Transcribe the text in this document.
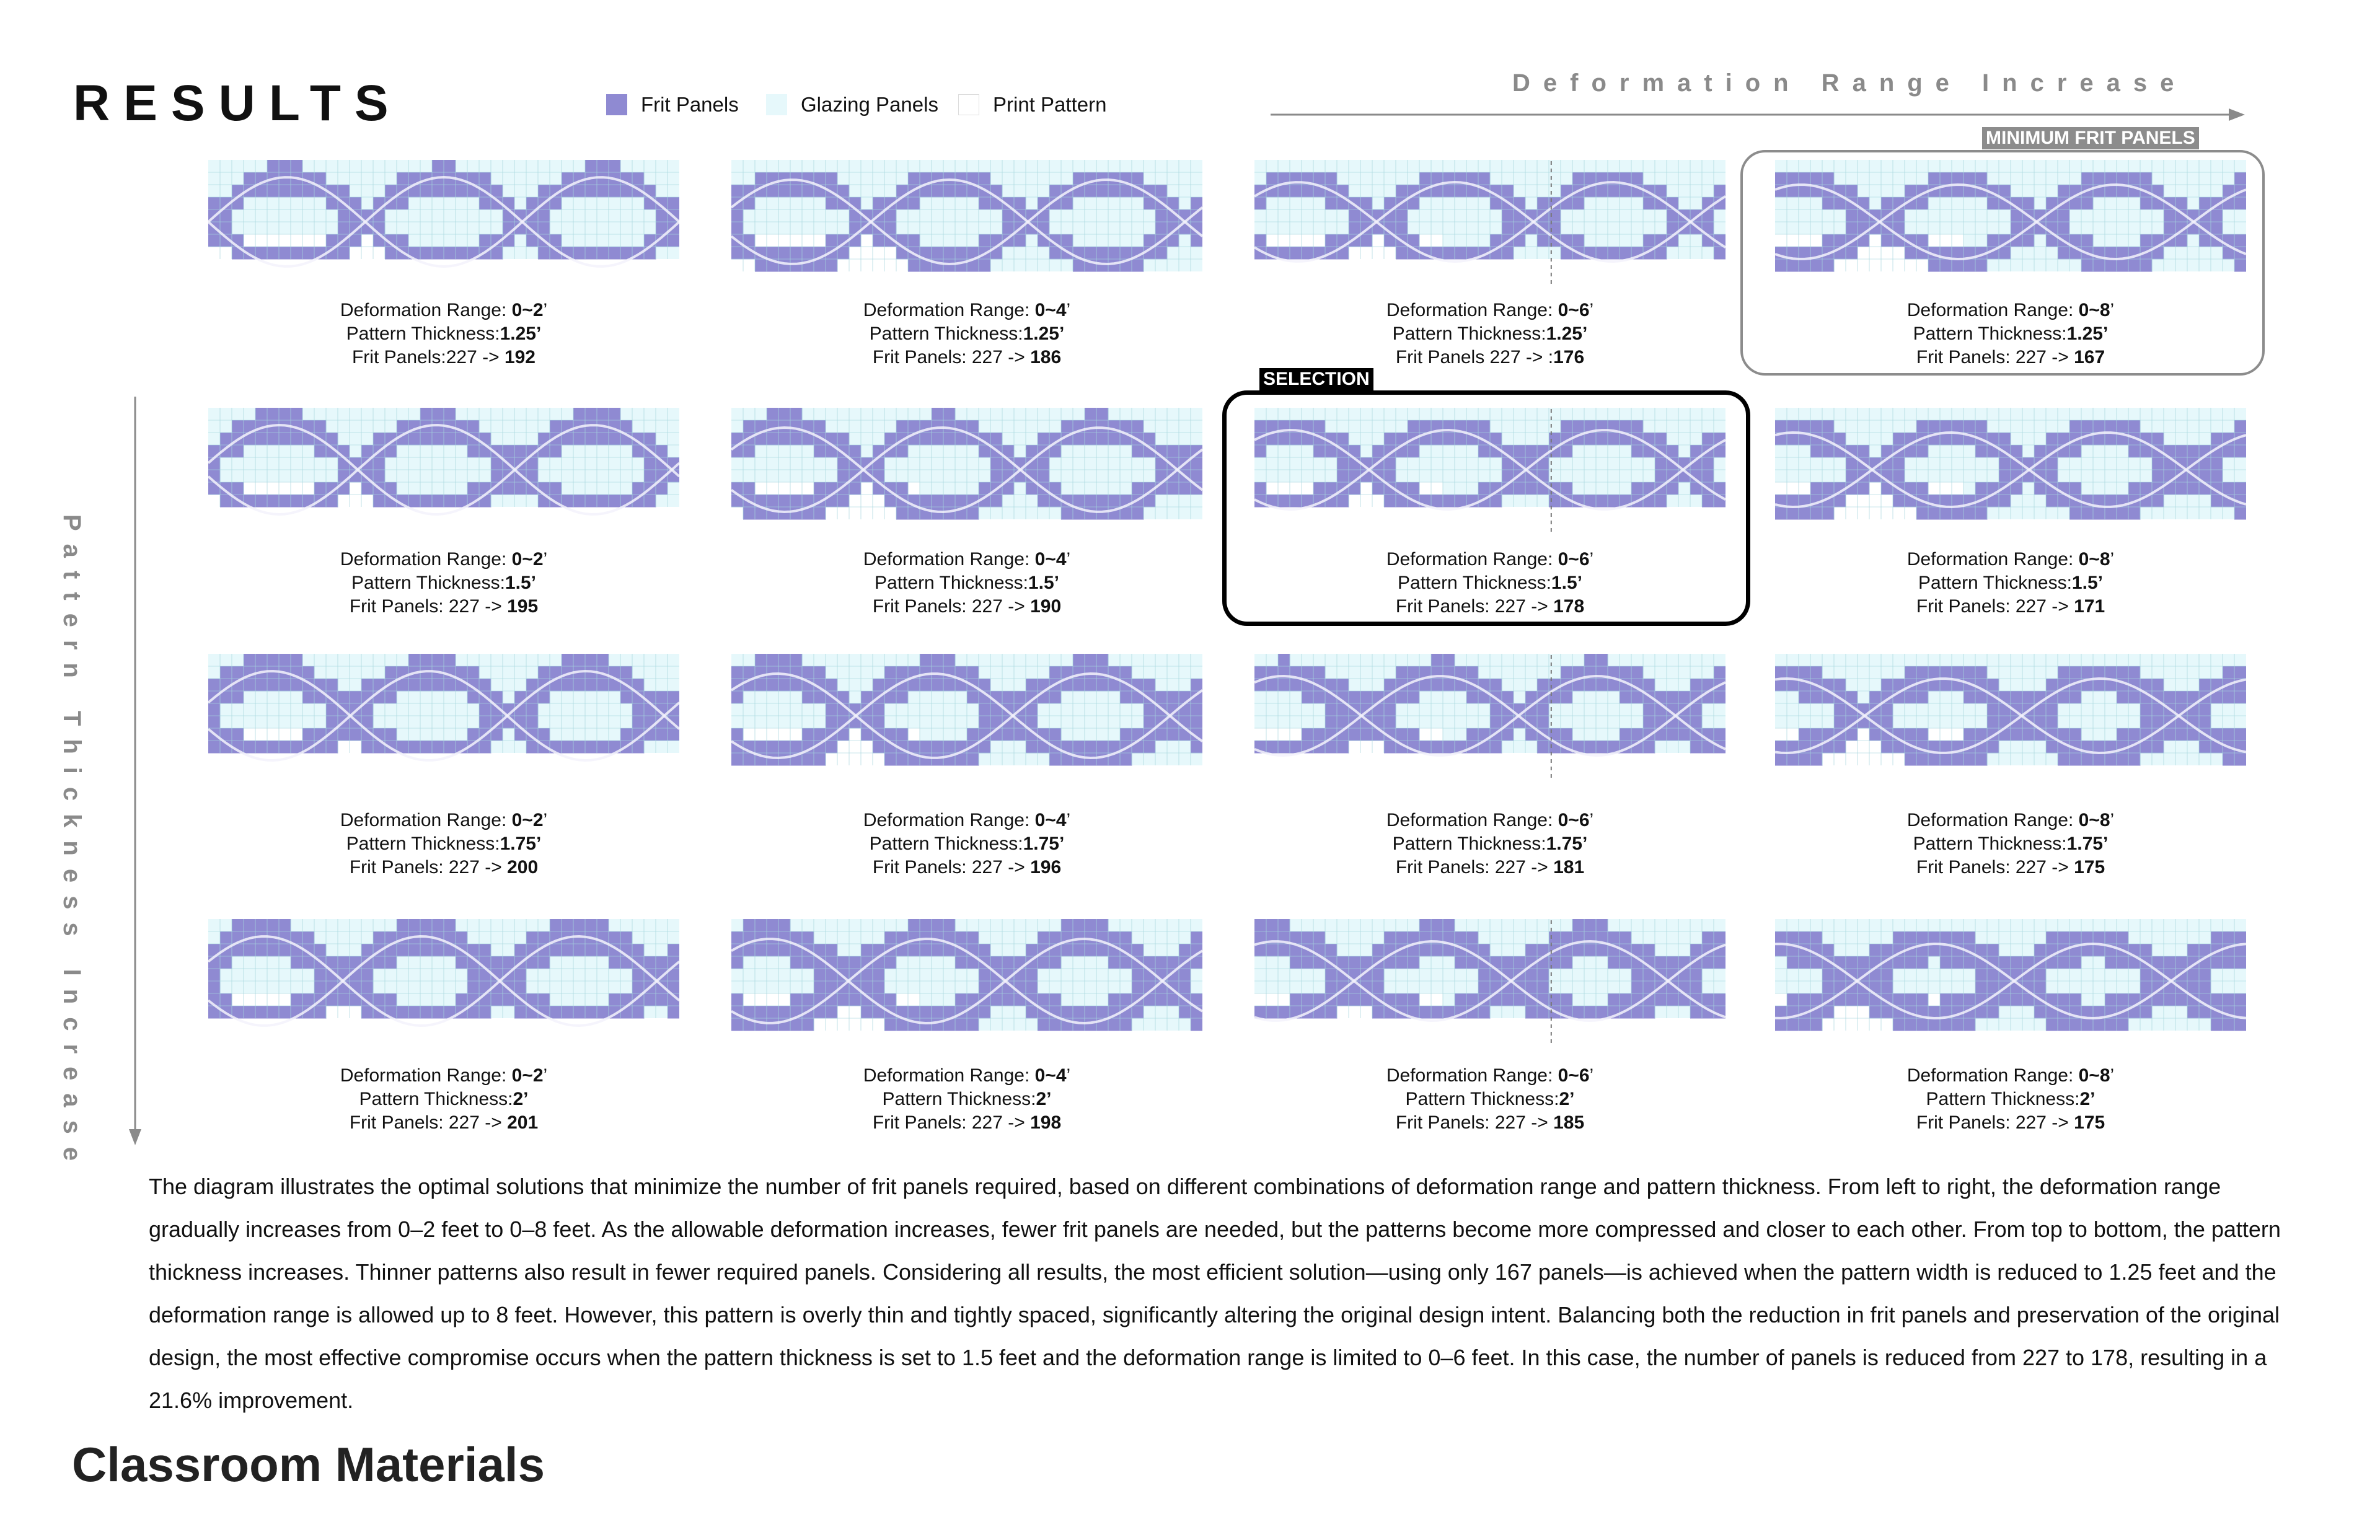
RESULTS	Frit Panels	Glazing Panels	Print Pattern
Deformation Range Increase
Pattern Thickness Increase
MINIMUM FRIT PANELS
SELECTION
Deformation Range: 0~2’
Pattern Thickness:1.25’
Frit Panels:227 -> 192
Deformation Range: 0~4’
Pattern Thickness:1.25’
Frit Panels: 227 -> 186
Deformation Range: 0~6’
Pattern Thickness:1.25’
Frit Panels 227 -> :176
Deformation Range: 0~8’
Pattern Thickness:1.25’
Frit Panels: 227 -> 167
Deformation Range: 0~2’
Pattern Thickness:1.5’
Frit Panels: 227 -> 195
Deformation Range: 0~4’
Pattern Thickness:1.5’
Frit Panels: 227 -> 190
Deformation Range: 0~6’
Pattern Thickness:1.5’
Frit Panels: 227 -> 178
Deformation Range: 0~8’
Pattern Thickness:1.5’
Frit Panels: 227 -> 171
Deformation Range: 0~2’
Pattern Thickness:1.75’
Frit Panels: 227 -> 200
Deformation Range: 0~4’
Pattern Thickness:1.75’
Frit Panels: 227 -> 196
Deformation Range: 0~6’
Pattern Thickness:1.75’
Frit Panels: 227 -> 181
Deformation Range: 0~8’
Pattern Thickness:1.75’
Frit Panels: 227 -> 175
Deformation Range: 0~2’
Pattern Thickness:2’
Frit Panels: 227 -> 201
Deformation Range: 0~4’
Pattern Thickness:2’
Frit Panels: 227 -> 198
Deformation Range: 0~6’
Pattern Thickness:2’
Frit Panels: 227 -> 185
Deformation Range: 0~8’
Pattern Thickness:2’
Frit Panels: 227 -> 175

The diagram illustrates the optimal solutions that minimize the number of frit panels required, based on different combinations of deformation range and pattern thickness. From left to right, the deformation range gradually increases from 0–2 feet to 0–8 feet. As the allowable deformation increases, fewer frit panels are needed, but the patterns become more compressed and closer to each other. From top to bottom, the pattern thickness increases. Thinner patterns also result in fewer required panels. Considering all results, the most efficient solution—using only 167 panels—is achieved when the pattern width is reduced to 1.25 feet and the deformation range is allowed up to 8 feet. However, this pattern is overly thin and tightly spaced, significantly altering the original design intent. Balancing both the reduction in frit panels and preservation of the original design, the most effective compromise occurs when the pattern thickness is set to 1.5 feet and the deformation range is limited to 0–6 feet. In this case, the number of panels is reduced from 227 to 178, resulting in a 21.6% improvement.

Classroom Materials
